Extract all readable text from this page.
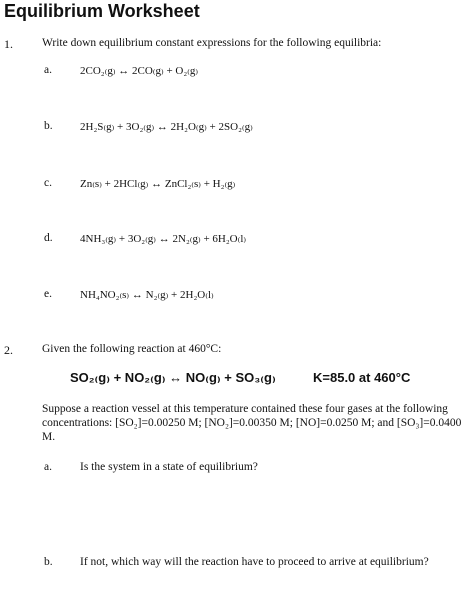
Equilibrium Worksheet
1.	Write down equilibrium constant expressions for the following equilibria:
a.	2CO₂₍g₎ ↔ 2CO₍g₎ + O₂₍g₎
b. 2H₂S₍g₎ + 3O₂₍g₎ ↔ 2H₂O₍g₎ + 2SO₂₍g₎
c.	Zn₍s₎ + 2HCl₍g₎ ↔ ZnCl₂₍s₎ + H₂₍g₎
d. 4NH₃₍g₎ + 3O₂₍g₎ ↔ 2N₂₍g₎ + 6H₂O₍l₎
e.	NH₄NO₂₍s₎ ↔ N₂₍g₎ + 2H₂O₍l₎
2.	Given the following reaction at 460°C:
SO₂₍g₎ + NO₂₍g₎ ↔ NO₍g₎ + SO₃₍g₎	K=85.0 at 460°C
Suppose a reaction vessel at this temperature contained these four gases at the following concentrations: [SO₂]=0.00250 M; [NO₂]=0.00350 M; [NO]=0.0250 M; and [SO₃]=0.0400 M.
a. Is the system in a state of equilibrium?
b. If not, which way will the reaction have to proceed to arrive at equilibrium?
